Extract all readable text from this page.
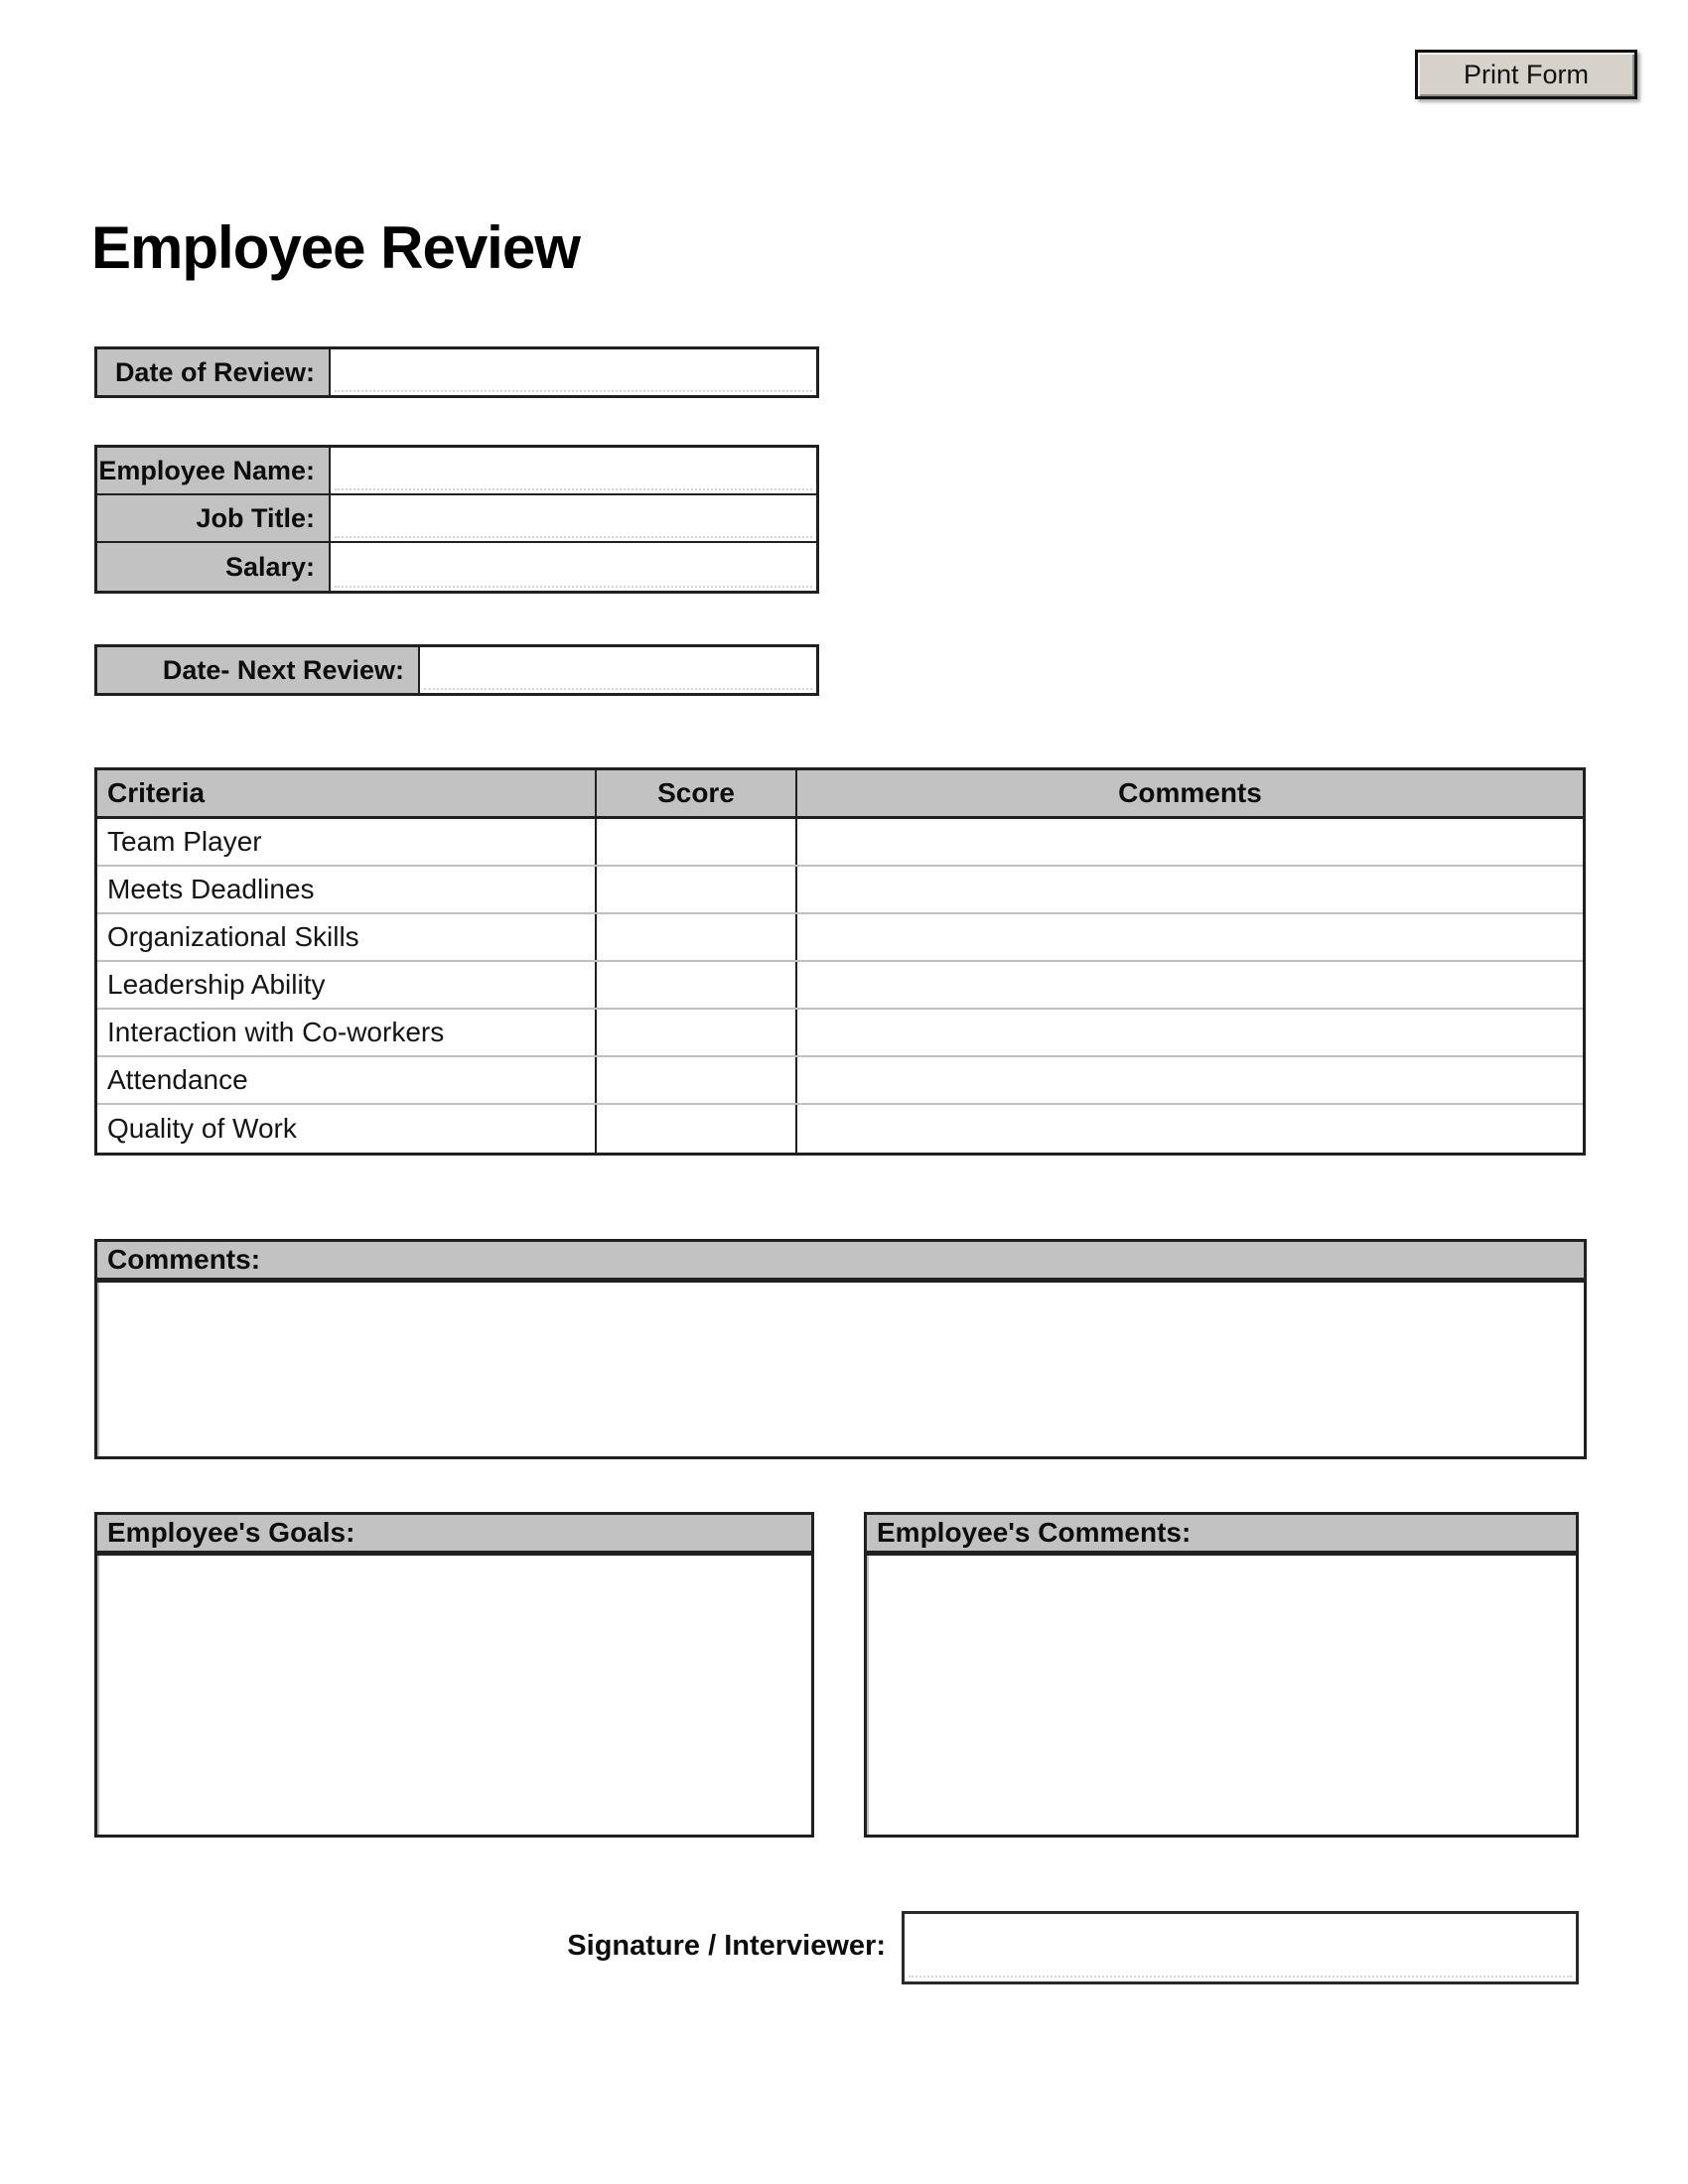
Print Form
Employee Review
Date of Review:
Employee Name:
Job Title:
Salary:
Date- Next Review:
Criteria	Score	Comments
Team Player
Meets Deadlines
Organizational Skills
Leadership Ability
Interaction with Co-workers
Attendance
Quality of Work
Comments:
Employee's Goals:	Employee's Comments:
Signature / Interviewer:
